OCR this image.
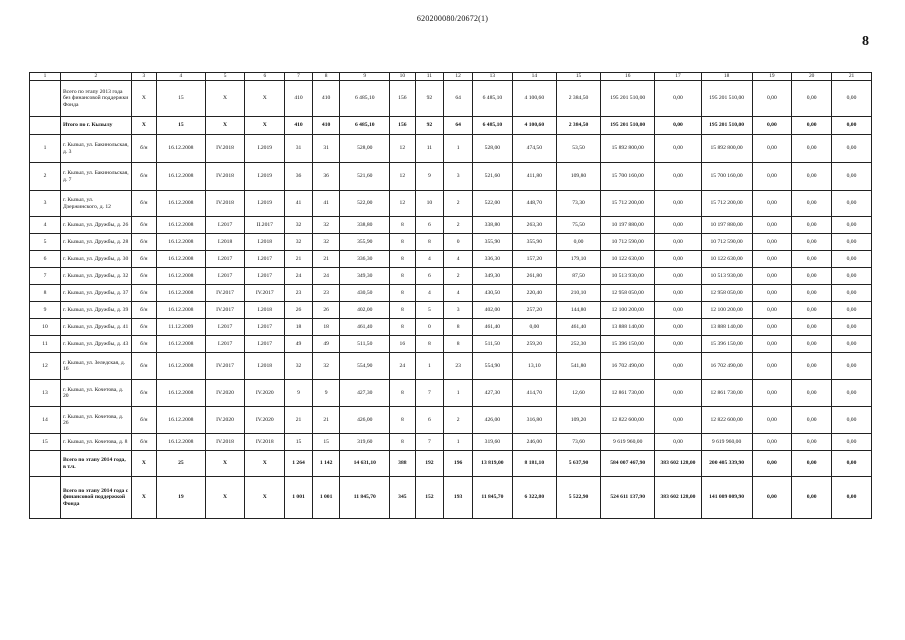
620200080/20672(1)
8
1	2	3	4	5	6	7	8	9	10	11	12	13	14	15	16	17	18	19	20	21
	Всего по этапу 2013 года без финансовой поддержки Фонда	X	15	X	X	410	410	6 485,10	156	92	64	6 485,10	4 100,60	2 384,50	195 201 510,00	0,00	195 201 510,00	0,00	0,00	0,00
	Итого по г. Кызылу	X	15	X	X	410	410	6 485,10	156	92	64	6 485,10	4 100,60	2 384,50	195 201 510,00	0,00	195 201 510,00	0,00	0,00	0,00
1	г. Кызыл, ул. Бакинольская, д. 3	б/н	16.12.2008	IV.2018	I.2019	31	31	528,00	12	11	1	528,00	474,50	53,50	15 892 800,00	0,00	15 892 800,00	0,00	0,00	0,00
2	г. Кызыл, ул. Бакинольская, д. 7	б/н	16.12.2008	IV.2018	I.2019	36	36	521,60	12	9	3	521,60	411,80	109,80	15 700 160,00	0,00	15 700 160,00	0,00	0,00	0,00
3	г. Кызыл, ул. Дзержинского, д. 12	б/н	16.12.2008	IV.2018	I.2019	41	41	522,00	12	10	2	522,00	448,70	73,30	15 712 200,00	0,00	15 712 200,00	0,00	0,00	0,00
4	г. Кызыл, ул. Дружбы, д. 26	б/н	16.12.2008	I.2017	II.2017	32	32	338,80	8	6	2	338,80	263,30	75,50	10 197 880,00	0,00	10 197 880,00	0,00	0,00	0,00
5	г. Кызыл, ул. Дружбы, д. 28	б/н	16.12.2008	I.2018	I.2018	32	32	355,90	8	8	0	355,90	355,90	0,00	10 712 590,00	0,00	10 712 590,00	0,00	0,00	0,00
6	г. Кызыл, ул. Дружбы, д. 30	б/н	16.12.2008	I.2017	I.2017	21	21	336,30	8	4	4	336,30	157,20	179,10	10 122 630,00	0,00	10 122 630,00	0,00	0,00	0,00
7	г. Кызыл, ул. Дружбы, д. 32	б/н	16.12.2008	I.2017	I.2017	24	24	349,30	8	6	2	349,30	261,80	87,50	10 513 930,00	0,00	10 513 930,00	0,00	0,00	0,00
8	г. Кызыл, ул. Дружбы, д. 37	б/н	16.12.2008	IV.2017	IV.2017	23	23	430,50	8	4	4	430,50	220,40	210,10	12 958 050,00	0,00	12 958 050,00	0,00	0,00	0,00
9	г. Кызыл, ул. Дружбы, д. 39	б/н	16.12.2008	IV.2017	I.2018	26	26	402,00	8	5	3	402,00	257,20	144,80	12 100 200,00	0,00	12 100 200,00	0,00	0,00	0,00
10	г. Кызыл, ул. Дружбы, д. 41	б/н	11.12.2009	I.2017	I.2017	18	18	461,40	8	0	8	461,40	0,00	461,40	13 888 140,00	0,00	13 888 140,00	0,00	0,00	0,00
11	г. Кызыл, ул. Дружбы, д. 43	б/н	16.12.2008	I.2017	I.2017	49	49	511,50	16	8	8	511,50	259,20	252,30	15 396 150,00	0,00	15 396 150,00	0,00	0,00	0,00
12	г. Кызыл, ул. Зеледская, д. 16	б/н	16.12.2008	IV.2017	I.2018	32	32	554,90	24	1	23	554,90	13,10	541,80	16 702 490,00	0,00	16 702 490,00	0,00	0,00	0,00
13	г. Кызыл, ул. Кочетова, д. 20	б/н	16.12.2008	IV.2020	IV.2020	9	9	427,30	8	7	1	427,30	414,70	12,60	12 861 730,00	0,00	12 861 730,00	0,00	0,00	0,00
14	г. Кызыл, ул. Кочетова, д. 26	б/н	16.12.2008	IV.2020	IV.2020	21	21	426,00	8	6	2	426,00	316,80	109,20	12 822 600,00	0,00	12 822 600,00	0,00	0,00	0,00
15	г. Кызыл, ул. Кочетова, д. 8	б/н	16.12.2008	IV.2018	IV.2018	15	15	319,60	8	7	1	319,60	246,00	73,60	9 619 960,00	0,00	9 619 960,00	0,00	0,00	0,00
	Всего по этапу 2014 года, в т.ч.	X	25	X	X	1 264	1 142	14 631,10	388	192	196	13 819,00	8 181,10	5 637,90	584 007 467,90	383 602 128,00	200 405 339,90	0,00	0,00	0,00
	Всего по этапу 2014 года с финансовой поддержкой Фонда	X	19	X	X	1 001	1 001	11 845,70	345	152	193	11 845,70	6 322,80	5 522,90	524 611 137,90	383 602 128,00	141 009 009,90	0,00	0,00	0,00
